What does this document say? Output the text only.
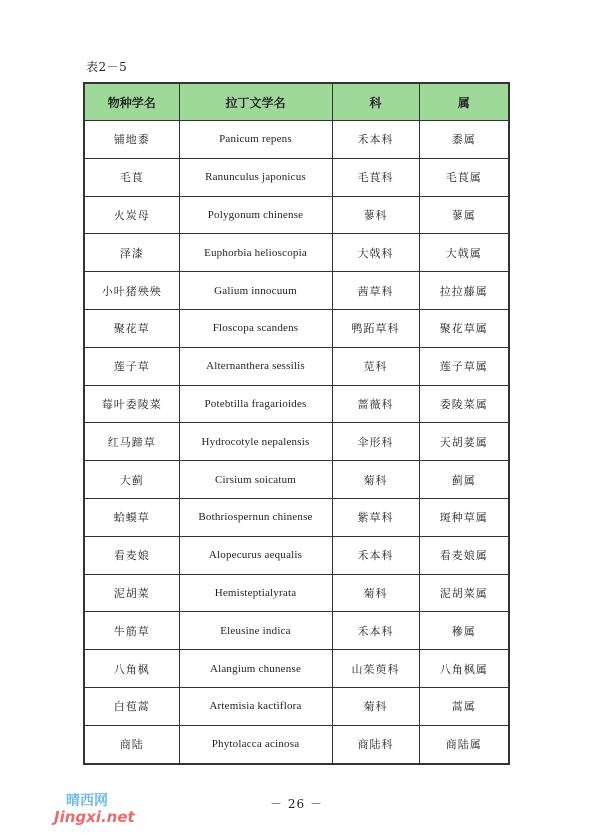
表2－5
物种学名	拉丁文学名	科	属
铺地黍	Panicum repens	禾本科	黍属
毛茛	Ranunculus japonicus	毛茛科	毛茛属
火炭母	Polygonum chinense	蓼科	蓼属
泽漆	Euphorbia helioscopia	大戟科	大戟属
小叶猪殃殃	Galium innocuum	茜草科	拉拉藤属
聚花草	Floscopa scandens	鸭跖草科	聚花草属
莲子草	Alternanthera sessilis	苋科	莲子草属
莓叶委陵菜	Potebtilla fragarioides	蔷薇科	委陵菜属
红马蹄草	Hydrocotyle nepalensis	伞形科	天胡荽属
大蓟	Cirsium soicatum	菊科	蓟属
蛤蟆草	Bothriospernun chinense	紫草科	斑种草属
看麦娘	Alopecurus aequalis	禾本科	看麦娘属
泥胡菜	Hemisteptialyrata	菊科	泥胡菜属
牛筋草	Eleusine indica	禾本科	穇属
八角枫	Alangium chunense	山茱萸科	八角枫属
白苞蒿	Artemisia kactiflora	菊科	蒿属
商陆	Phytolacca acinosa	商陆科	商陆属
－ 26 －
晴西网
Jingxi.net
